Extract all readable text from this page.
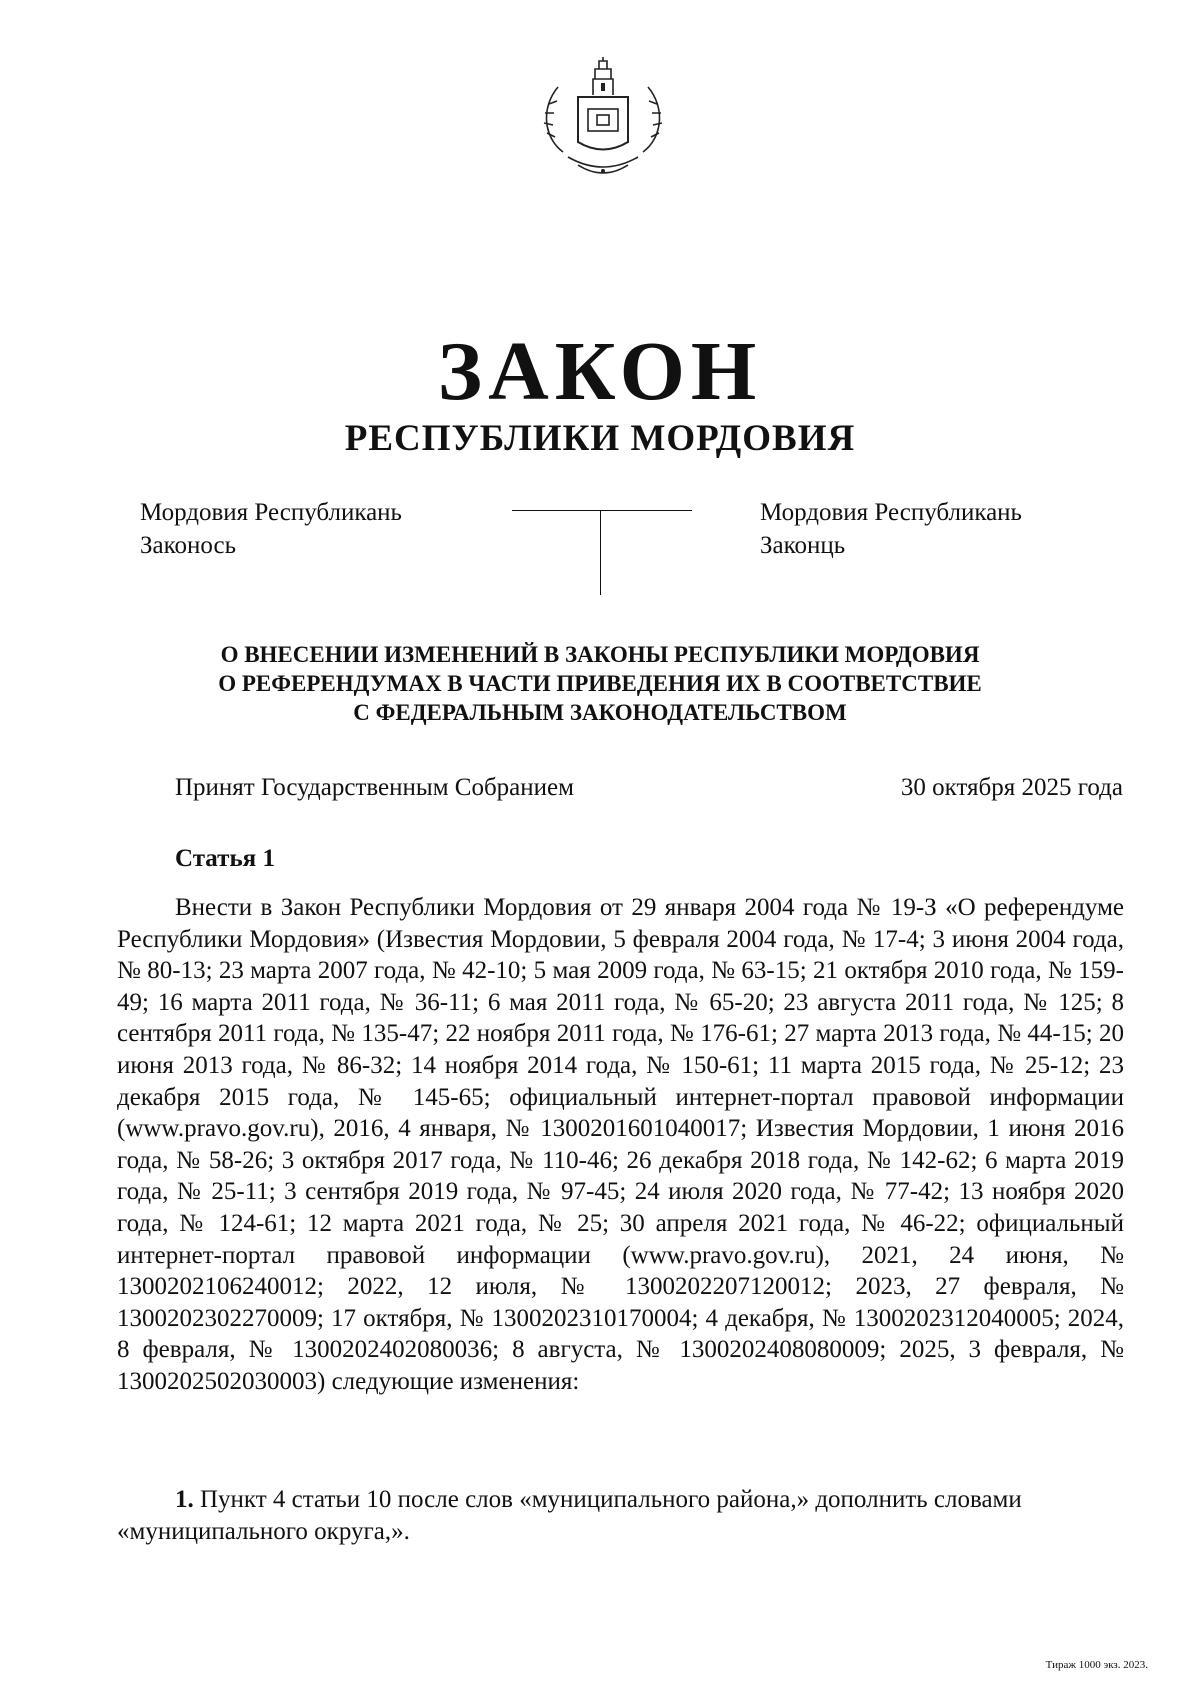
ЗАКОН
РЕСПУБЛИКИ МОРДОВИЯ
Мордовия Республикань Законось
Мордовия Республикань Законць
О ВНЕСЕНИИ ИЗМЕНЕНИЙ В ЗАКОНЫ РЕСПУБЛИКИ МОРДОВИЯ
О РЕФЕРЕНДУМАХ В ЧАСТИ ПРИВЕДЕНИЯ ИХ В СООТВЕТСТВИЕ
С ФЕДЕРАЛЬНЫМ ЗАКОНОДАТЕЛЬСТВОМ
Принят Государственным Собранием	30 октября 2025 года
Статья 1

Внести в Закон Республики Мордовия от 29 января 2004 года № 19-З «О референдуме Республики Мордовия» (Известия Мордовии, 5 февраля 2004 года, № 17-4; 3 июня 2004 года, № 80-13; 23 марта 2007 года, № 42-10; 5 мая 2009 года, № 63-15; 21 октября 2010 года, № 159-49; 16 марта 2011 года, № 36-11; 6 мая 2011 года, № 65-20; 23 августа 2011 года, № 125; 8 сентября 2011 года, № 135-47; 22 ноября 2011 года, № 176-61; 27 марта 2013 года, № 44-15; 20 июня 2013 года, № 86-32; 14 ноября 2014 года, № 150-61; 11 марта 2015 года, № 25-12; 23 декабря 2015 года, № 145-65; официальный интернет-портал правовой информации (www.pravo.gov.ru), 2016, 4 января, № 1300201601040017; Известия Мордовии, 1 июня 2016 года, № 58-26; 3 октября 2017 года, № 110-46; 26 декабря 2018 года, № 142-62; 6 марта 2019 года, № 25-11; 3 сентября 2019 года, № 97-45; 24 июля 2020 года, № 77-42; 13 ноября 2020 года, № 124-61; 12 марта 2021 года, № 25; 30 апреля 2021 года, № 46-22; официальный интернет-портал правовой информации (www.pravo.gov.ru), 2021, 24 июня, № 1300202106240012; 2022, 12 июля, № 1300202207120012; 2023, 27 февраля, № 1300202302270009; 17 октября, № 1300202310170004; 4 декабря, № 1300202312040005; 2024, 8 февраля, № 1300202402080036; 8 августа, № 1300202408080009; 2025, 3 февраля, № 1300202502030003) следующие изменения:

1. Пункт 4 статьи 10 после слов «муниципального района,» дополнить словами «муниципального округа,».

Тираж 1000 экз. 2023.
